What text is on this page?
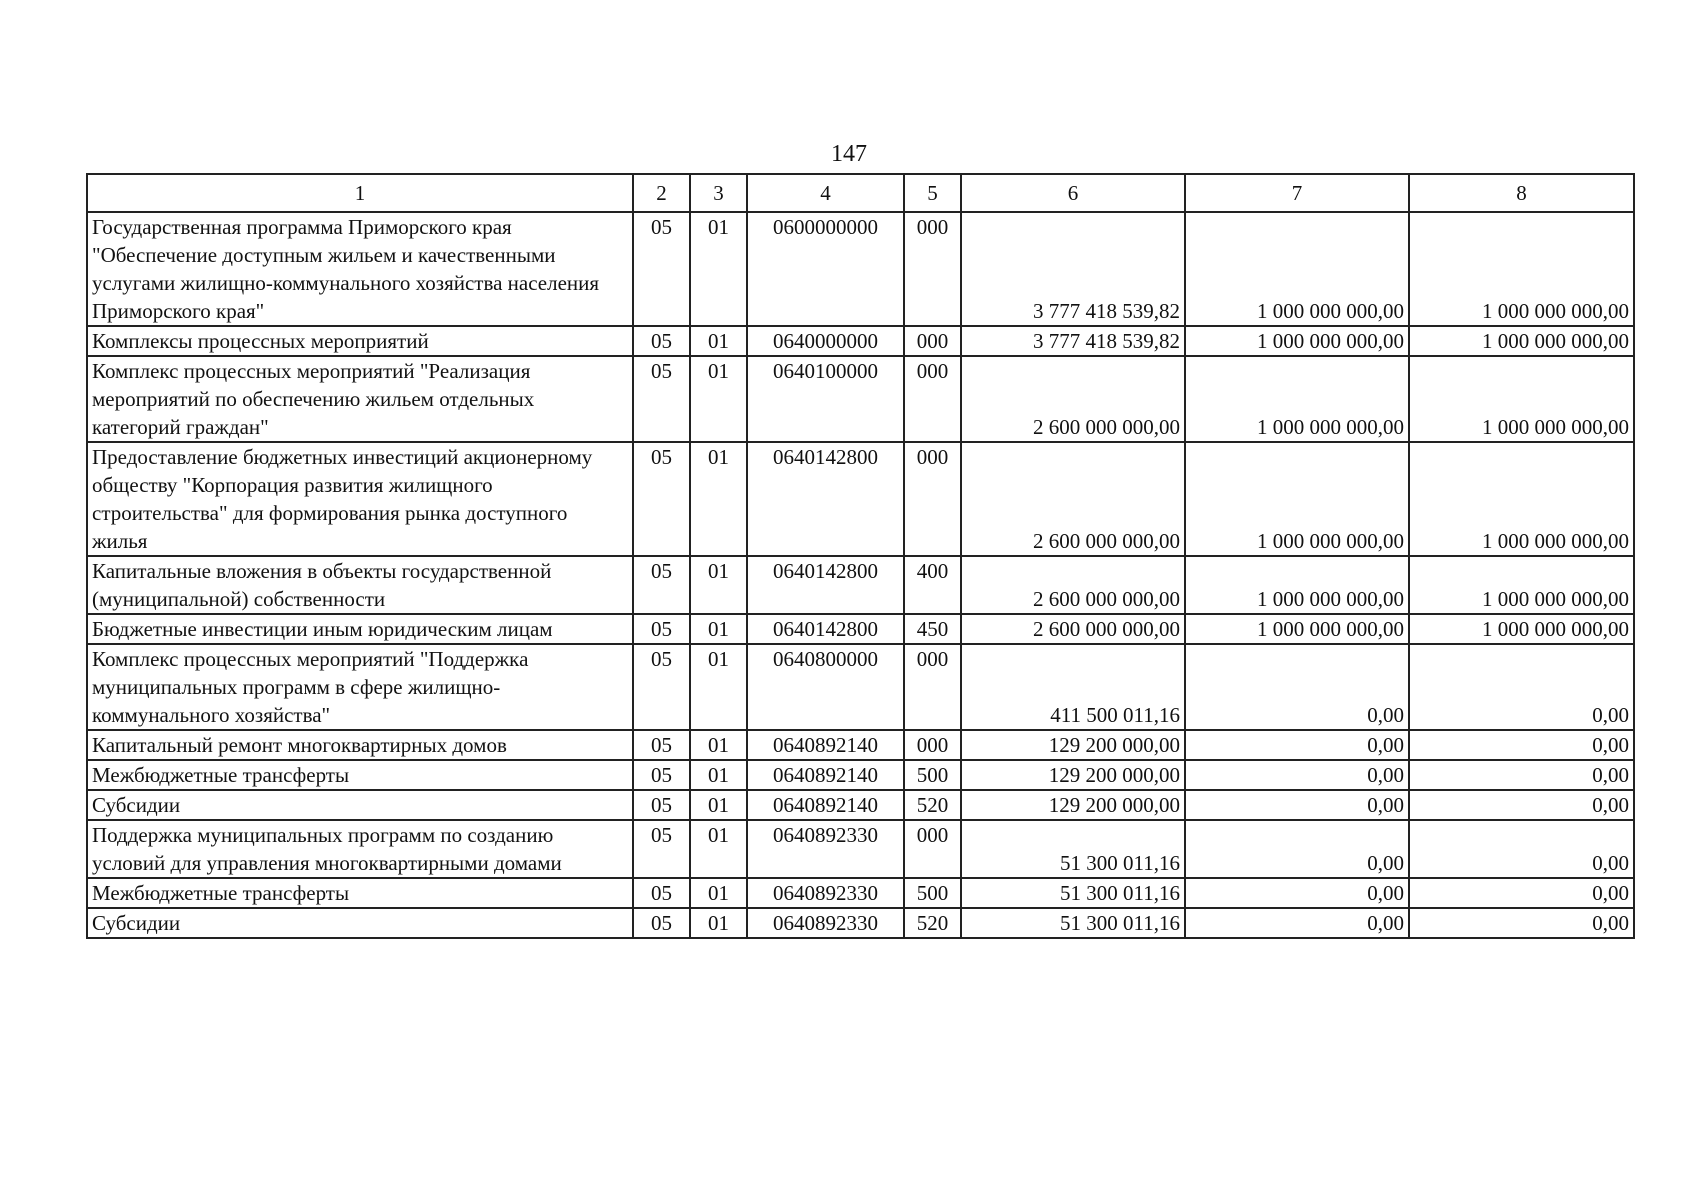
147
1	2	3	4	5	6	7	8
Государственная программа Приморского края "Обеспечение доступным жильем и качественными услугами жилищно-коммунального хозяйства населения Приморского края"	05	01	0600000000	000	3 777 418 539,82	1 000 000 000,00	1 000 000 000,00
Комплексы процессных мероприятий	05	01	0640000000	000	3 777 418 539,82	1 000 000 000,00	1 000 000 000,00
Комплекс процессных мероприятий "Реализация мероприятий по обеспечению жильем отдельных категорий граждан"	05	01	0640100000	000	2 600 000 000,00	1 000 000 000,00	1 000 000 000,00
Предоставление бюджетных инвестиций акционерному обществу "Корпорация развития жилищного строительства" для формирования рынка доступного жилья	05	01	0640142800	000	2 600 000 000,00	1 000 000 000,00	1 000 000 000,00
Капитальные вложения в объекты государственной (муниципальной) собственности	05	01	0640142800	400	2 600 000 000,00	1 000 000 000,00	1 000 000 000,00
Бюджетные инвестиции иным юридическим лицам	05	01	0640142800	450	2 600 000 000,00	1 000 000 000,00	1 000 000 000,00
Комплекс процессных мероприятий "Поддержка муниципальных программ в сфере жилищно-коммунального хозяйства"	05	01	0640800000	000	411 500 011,16	0,00	0,00
Капитальный ремонт многоквартирных домов	05	01	0640892140	000	129 200 000,00	0,00	0,00
Межбюджетные трансферты	05	01	0640892140	500	129 200 000,00	0,00	0,00
Субсидии	05	01	0640892140	520	129 200 000,00	0,00	0,00
Поддержка муниципальных программ по созданию условий для управления многоквартирными домами	05	01	0640892330	000	51 300 011,16	0,00	0,00
Межбюджетные трансферты	05	01	0640892330	500	51 300 011,16	0,00	0,00
Субсидии	05	01	0640892330	520	51 300 011,16	0,00	0,00
